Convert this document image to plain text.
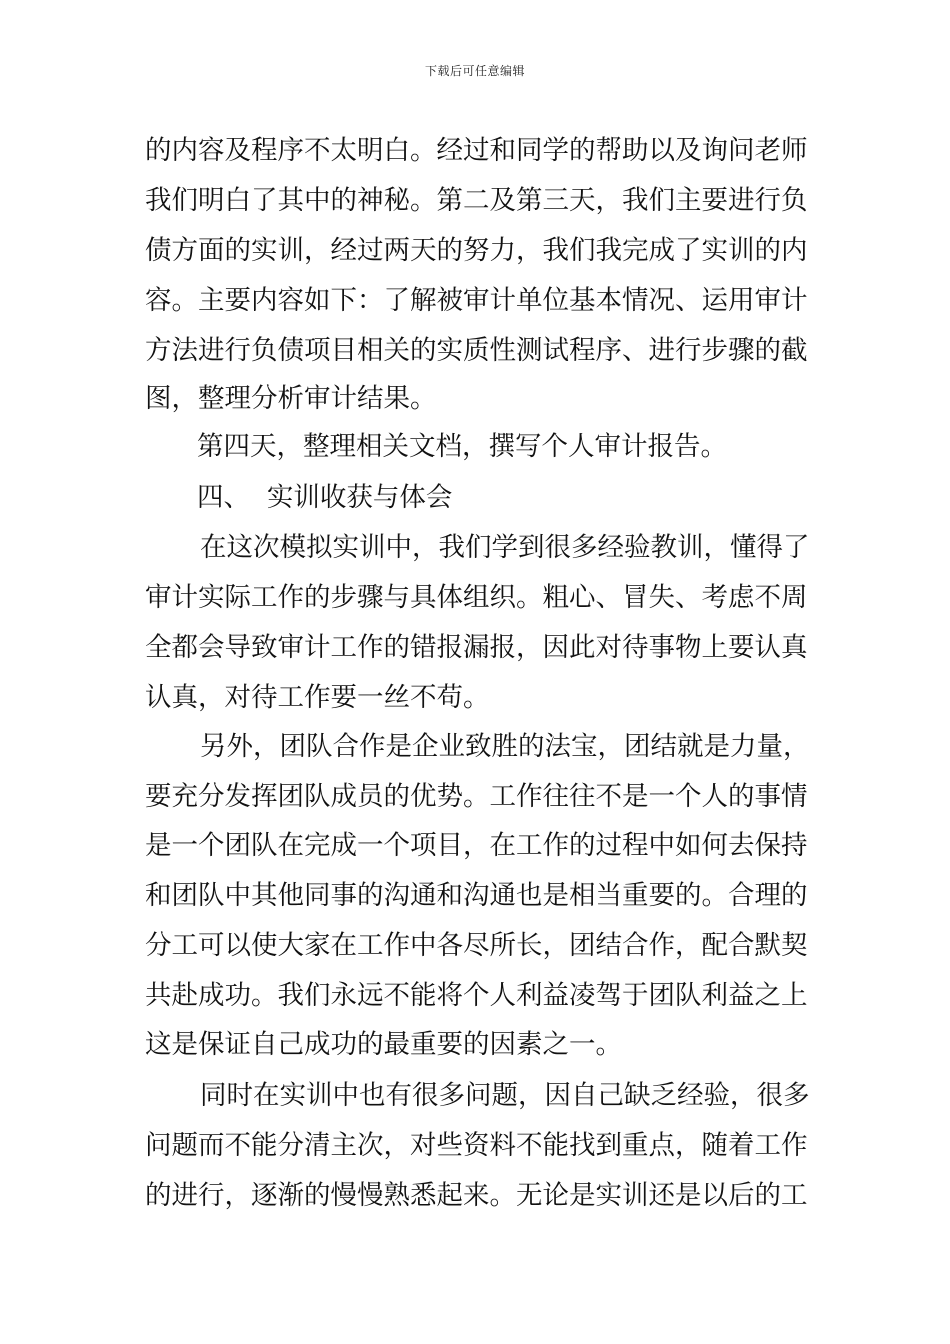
下载后可任意编辑
的内容及程序不太明白。经过和同学的帮助以及询问老师
我们明白了其中的神秘。第二及第三天，我们主要进行负
债方面的实训，经过两天的努力，我们我完成了实训的内
容。主要内容如下：了解被审计单位基本情况、运用审计
方法进行负债项目相关的实质性测试程序、进行步骤的截
图，整理分析审计结果。
第四天，整理相关文档，撰写个人审计报告。
四、  实训收获与体会
在这次模拟实训中，我们学到很多经验教训，懂得了
审计实际工作的步骤与具体组织。粗心、冒失、考虑不周
全都会导致审计工作的错报漏报，因此对待事物上要认真
认真，对待工作要一丝不苟。
另外，团队合作是企业致胜的法宝，团结就是力量，
要充分发挥团队成员的优势。工作往往不是一个人的事情
是一个团队在完成一个项目，在工作的过程中如何去保持
和团队中其他同事的沟通和沟通也是相当重要的。合理的
分工可以使大家在工作中各尽所长，团结合作，配合默契
共赴成功。我们永远不能将个人利益凌驾于团队利益之上
这是保证自己成功的最重要的因素之一。
同时在实训中也有很多问题，因自己缺乏经验，很多
问题而不能分清主次，对些资料不能找到重点，随着工作
的进行，逐渐的慢慢熟悉起来。无论是实训还是以后的工
